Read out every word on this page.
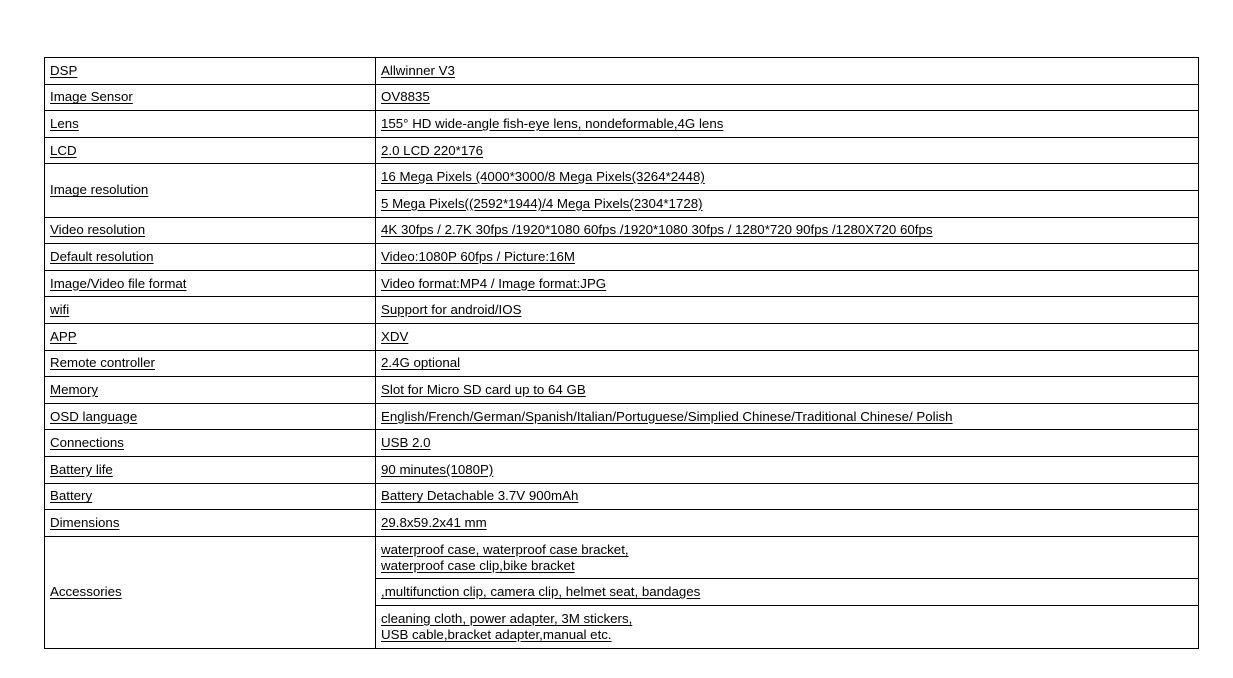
DSP	Allwinner V3
Image Sensor	OV8835
Lens	155° HD wide-angle fish-eye lens, nondeformable,4G lens
LCD	2.0 LCD 220*176
Image resolution	16 Mega Pixels (4000*3000/8 Mega Pixels(3264*2448)
	5 Mega Pixels((2592*1944)/4 Mega Pixels(2304*1728)
Video resolution	4K 30fps / 2.7K 30fps /1920*1080 60fps /1920*1080 30fps / 1280*720 90fps /1280X720 60fps
Default resolution	Video:1080P 60fps / Picture:16M
Image/Video file format	Video format:MP4 / Image format:JPG
wifi	Support for android/IOS
APP	XDV
Remote controller	2.4G optional
Memory	Slot for Micro SD card up to 64 GB
OSD language	English/French/German/Spanish/Italian/Portuguese/Simplied Chinese/Traditional Chinese/ Polish
Connections	USB 2.0
Battery life	90 minutes(1080P)
Battery	Battery Detachable 3.7V 900mAh
Dimensions	29.8x59.2x41 mm
Accessories	waterproof case, waterproof case bracket,
waterproof case clip,bike bracket

	,multifunction clip, camera clip, helmet seat, bandages

	cleaning cloth, power adapter, 3M stickers,
USB cable,bracket adapter,manual etc.
